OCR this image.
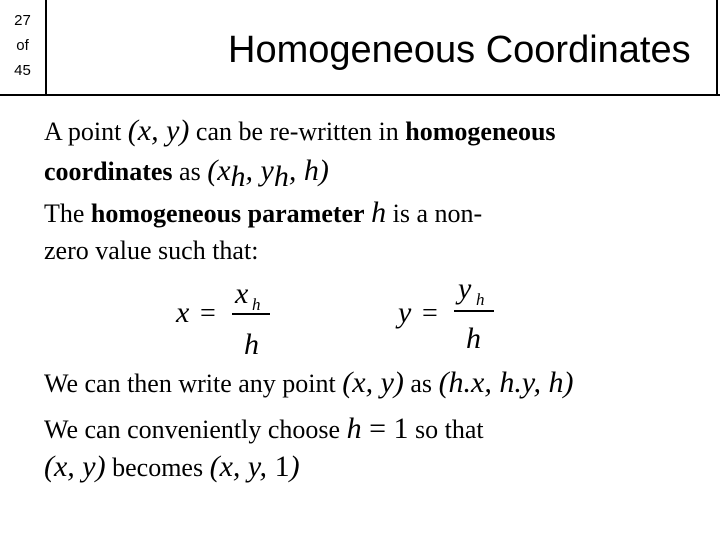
27
of
45	Homogeneous Coordinates
A point (x, y) can be re-written in homogeneous
coordinates as ($x_h$, $y_h$, h)
The homogeneous parameter h is a non-
zero value such that:
x =
x h
h
y =
y h
h
We can then write any point (x, y) as (h.x, h.y, h)
We can conveniently choose h = 1 so that
(x, y) becomes (x, y, 1)
